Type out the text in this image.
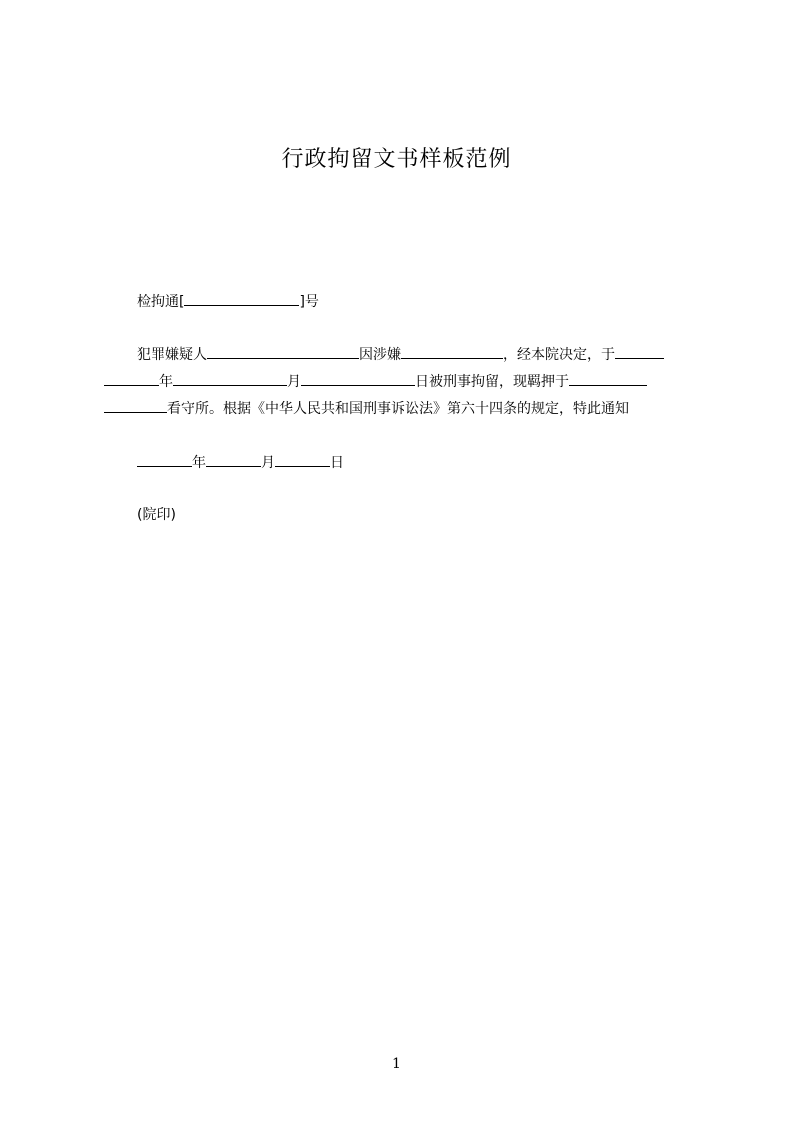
行政拘留文书样板范例
检拘通[	]号
犯罪嫌疑人	因涉嫌	，经本院决定，于
年	月	日被刑事拘留，现羁押于
看守所。根据《中华人民共和国刑事诉讼法》第六十四条的规定，特此通知
年	月	日
(院印)
1
